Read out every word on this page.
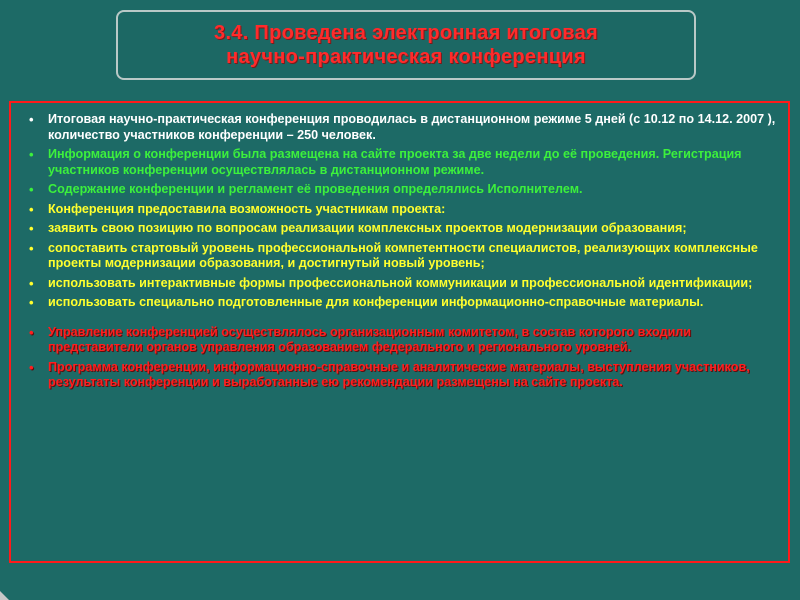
3.4. Проведена электронная итоговая
научно-практическая конференция
• Итоговая научно-практическая конференция проводилась в дистанционном режиме 5 дней (с 10.12 по 14.12. 2007 ), количество участников конференции – 250 человек.
• Информация о конференции была размещена на сайте проекта за две недели до её проведения. Регистрация участников конференции осуществлялась в дистанционном режиме.
• Содержание конференции и регламент её проведения определялись Исполнителем.
• Конференция предоставила возможность участникам проекта:
• заявить свою позицию по вопросам реализации комплексных проектов модернизации образования;
• сопоставить стартовый уровень профессиональной компетентности специалистов, реализующих комплексные проекты модернизации образования, и достигнутый новый уровень;
• использовать интерактивные формы профессиональной коммуникации и профессиональной идентификации;
• использовать специально подготовленные для конференции информационно-справочные материалы.
• Управление конференцией осуществлялось организационным комитетом, в состав которого входили представители органов управления образованием федерального и регионального уровней.
• Программа конференции, информационно-справочные и аналитические материалы, выступления участников, результаты конференции и выработанные ею рекомендации размещены на сайте проекта.
